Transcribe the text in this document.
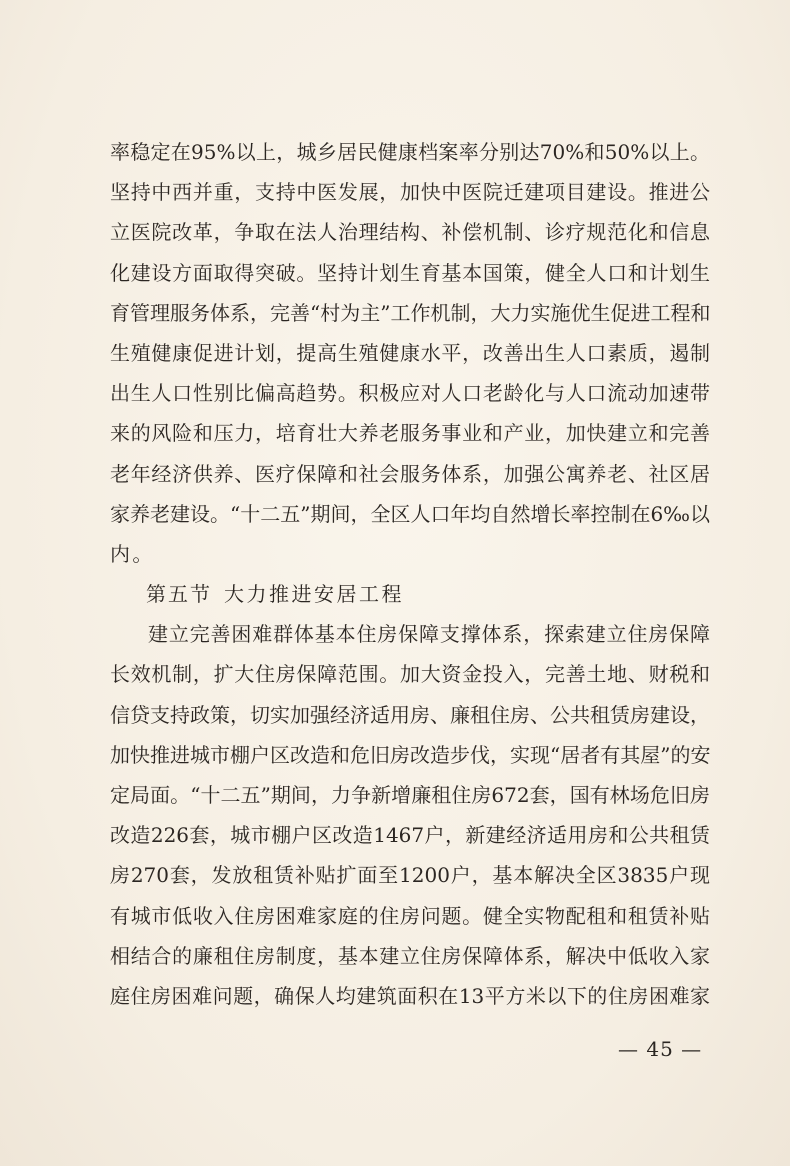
率稳定在95%以上，城乡居民健康档案率分别达70%和50%以上。
坚持中西并重，支持中医发展，加快中医院迁建项目建设。推进公
立医院改革，争取在法人治理结构、补偿机制、诊疗规范化和信息
化建设方面取得突破。坚持计划生育基本国策，健全人口和计划生
育管理服务体系，完善“村为主”工作机制，大力实施优生促进工程和
生殖健康促进计划，提高生殖健康水平，改善出生人口素质，遏制
出生人口性别比偏高趋势。积极应对人口老龄化与人口流动加速带
来的风险和压力，培育壮大养老服务事业和产业，加快建立和完善
老年经济供养、医疗保障和社会服务体系，加强公寓养老、社区居
家养老建设。“十二五”期间，全区人口年均自然增长率控制在6‰以
内。
第五节 大力推进安居工程
建立完善困难群体基本住房保障支撑体系，探索建立住房保障
长效机制，扩大住房保障范围。加大资金投入，完善土地、财税和
信贷支持政策，切实加强经济适用房、廉租住房、公共租赁房建设，
加快推进城市棚户区改造和危旧房改造步伐，实现“居者有其屋”的安
定局面。“十二五”期间，力争新增廉租住房672套，国有林场危旧房
改造226套，城市棚户区改造1467户，新建经济适用房和公共租赁
房270套，发放租赁补贴扩面至1200户，基本解决全区3835户现
有城市低收入住房困难家庭的住房问题。健全实物配租和租赁补贴
相结合的廉租住房制度，基本建立住房保障体系，解决中低收入家
庭住房困难问题，确保人均建筑面积在13平方米以下的住房困难家
— 45 —
